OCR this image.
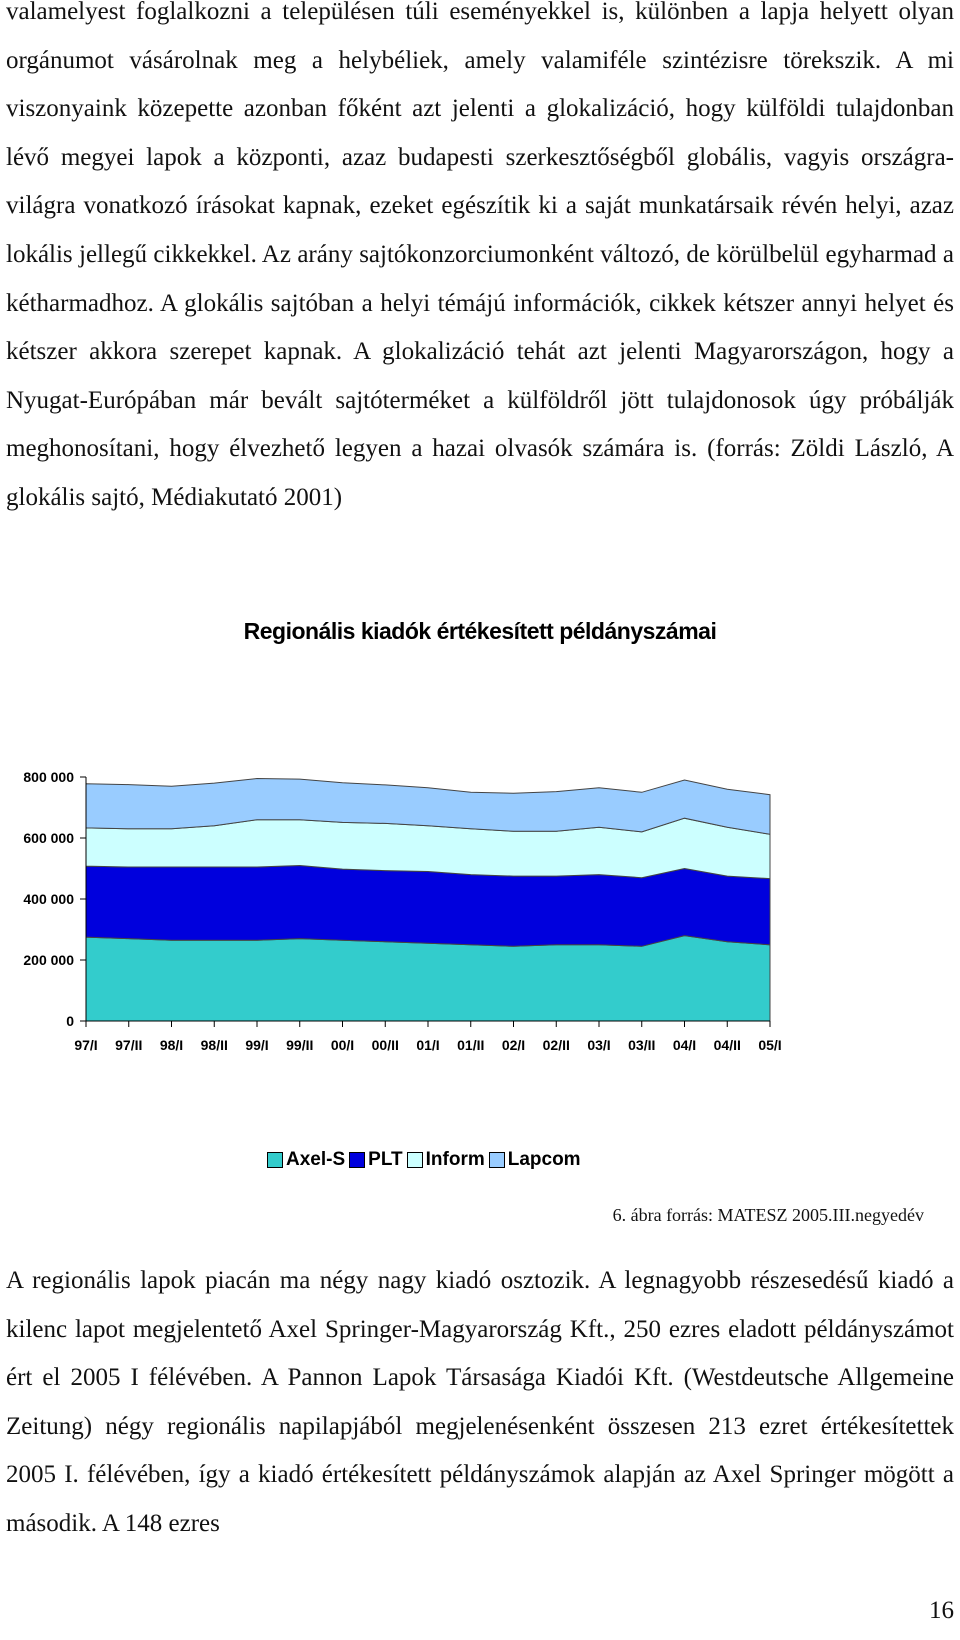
valamelyest foglalkozni a településen túli eseményekkel is, különben a lapja helyett olyan orgánumot vásárolnak meg a helybéliek, amely valamiféle szintézisre törekszik. A mi viszonyaink közepette azonban főként azt jelenti a glokalizáció, hogy külföldi tulajdonban lévő megyei lapok a központi, azaz budapesti szerkesztőségből globális, vagyis országra-világra vonatkozó írásokat kapnak, ezeket egészítik ki a saját munkatársaik révén helyi, azaz lokális jellegű cikkekkel. Az arány sajtókonzorciumonként változó, de körülbelül egyharmad a kétharmadhoz. A glokális sajtóban a helyi témájú információk, cikkek kétszer annyi helyet és kétszer akkora szerepet kapnak. A glokalizáció tehát azt jelenti Magyarországon, hogy a Nyugat-Európában már bevált sajtóterméket a külföldről jött tulajdonosok úgy próbálják meghonosítani, hogy élvezhető legyen a hazai olvasók számára is. (forrás: Zöldi László, A glokális sajtó, Médiakutató 2001)

Regionális kiadók értékesített példányszámai
0
200 000
400 000
600 000
800 000
97/I 97/II 98/I 98/II 99/I 99/II 00/I 00/II 01/I 01/II 02/I 02/II 03/I 03/II 04/I 04/II 05/I
Axel-S PLT Inform Lapcom
6. ábra forrás: MATESZ 2005.III.negyedév

A regionális lapok piacán ma négy nagy kiadó osztozik. A legnagyobb részesedésű kiadó a kilenc lapot megjelentető Axel Springer-Magyarország Kft., 250 ezres eladott példányszámot ért el 2005 I félévében. A Pannon Lapok Társasága Kiadói Kft. (Westdeutsche Allgemeine Zeitung) négy regionális napilapjából megjelenésenként összesen 213 ezret értékesítettek 2005 I. félévében, így a kiadó értékesített példányszámok alapján az Axel Springer mögött a második. A 148 ezres

16
